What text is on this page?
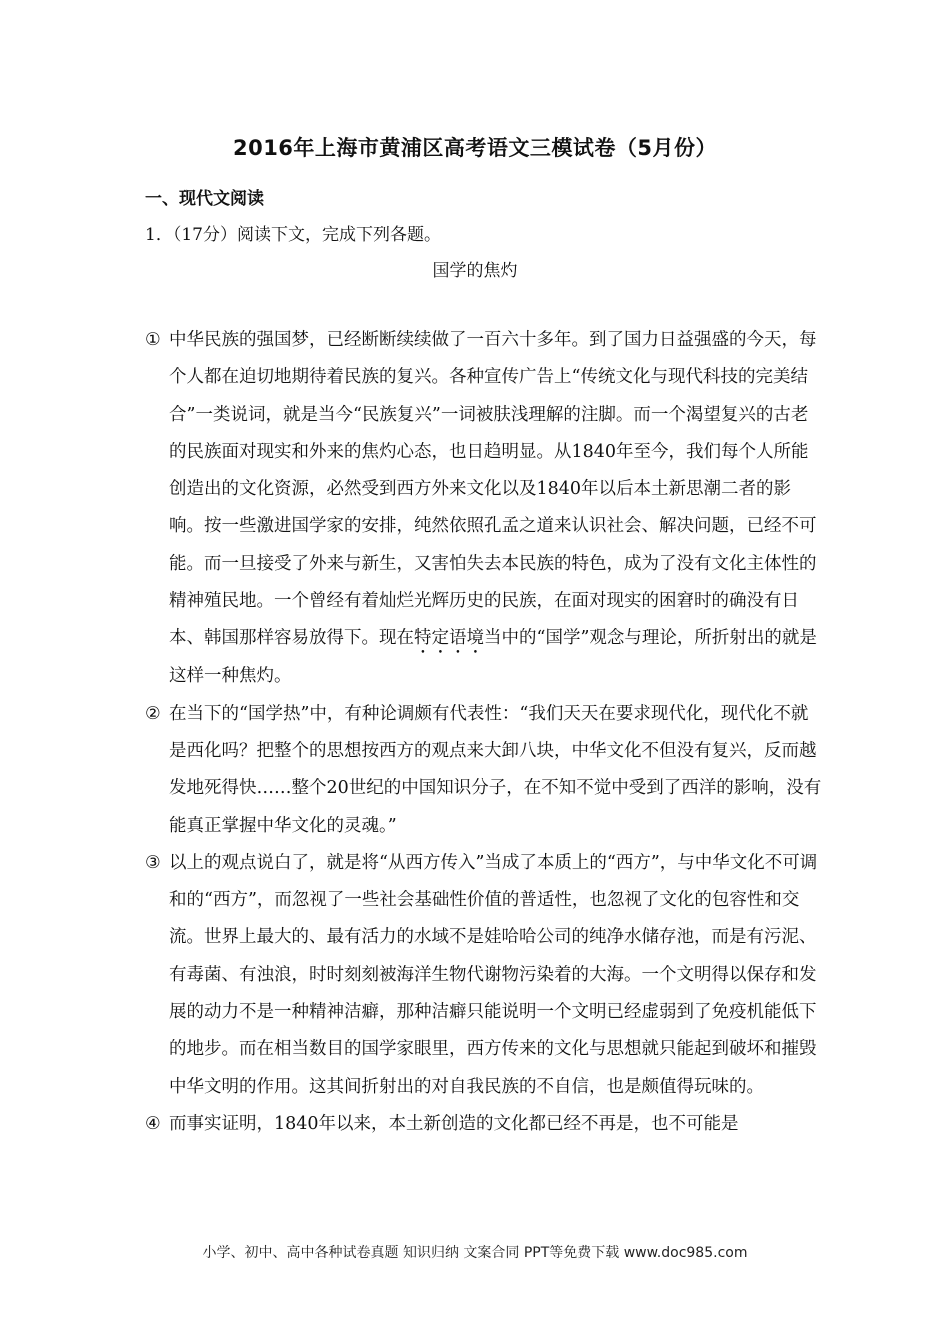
2016年上海市黄浦区高考语文三模试卷（5月份）
一、现代文阅读
1．（17分）阅读下文，完成下列各题。
国学的焦灼

① 中华民族的强国梦，已经断断续续做了一百六十多年。到了国力日益强盛的今天，每个人都在迫切地期待着民族的复兴。各种宣传广告上“传统文化与现代科技的完美结合”一类说词，就是当今“民族复兴”一词被肤浅理解的注脚。而一个渴望复兴的古老的民族面对现实和外来的焦灼心态，也日趋明显。从1840年至今，我们每个人所能创造出的文化资源，必然受到西方外来文化以及1840年以后本土新思潮二者的影响。按一些激进国学家的安排，纯然依照孔孟之道来认识社会、解决问题，已经不可能。而一旦接受了外来与新生，又害怕失去本民族的特色，成为了没有文化主体性的精神殖民地。一个曾经有着灿烂光辉历史的民族，在面对现实的困窘时的确没有日本、韩国那样容易放得下。现在特定语境当中的“国学”观念与理论，所折射出的就是这样一种焦灼。

② 在当下的“国学热”中，有种论调颇有代表性：“我们天天在要求现代化，现代化不就是西化吗？把整个的思想按西方的观点来大卸八块，中华文化不但没有复兴，反而越发地死得快……整个20世纪的中国知识分子，在不知不觉中受到了西洋的影响，没有能真正掌握中华文化的灵魂。”

③ 以上的观点说白了，就是将“从西方传入”当成了本质上的“西方”，与中华文化不可调和的“西方”，而忽视了一些社会基础性价值的普适性，也忽视了文化的包容性和交流。世界上最大的、最有活力的水域不是娃哈哈公司的纯净水储存池，而是有污泥、有毒菌、有浊浪，时时刻刻被海洋生物代谢物污染着的大海。一个文明得以保存和发展的动力不是一种精神洁癖，那种洁癖只能说明一个文明已经虚弱到了免疫机能低下的地步。而在相当数目的国学家眼里，西方传来的文化与思想就只能起到破坏和摧毁中华文明的作用。这其间折射出的对自我民族的不自信，也是颇值得玩味的。

④ 而事实证明，1840年以来，本土新创造的文化都已经不再是，也不可能是

小学、初中、高中各种试卷真题 知识归纳 文案合同 PPT等免费下载 www.doc985.com
